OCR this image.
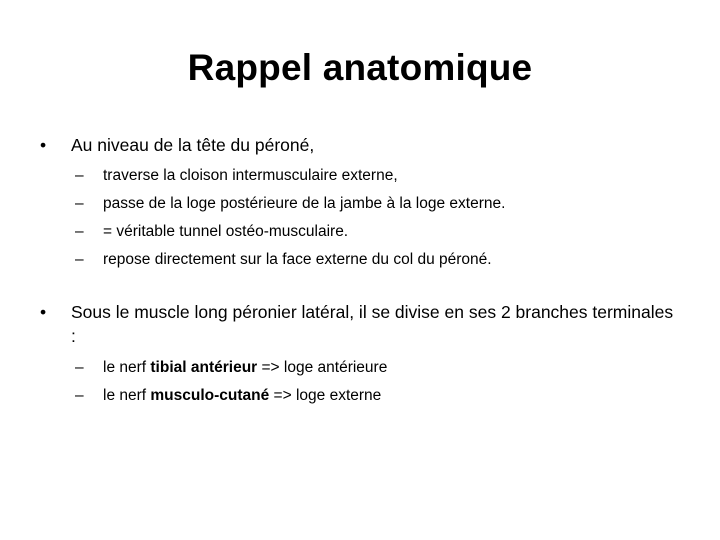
Rappel anatomique
•	Au niveau de la tête du péroné,
–	traverse la cloison intermusculaire externe,
–	passe de la loge postérieure de la jambe à la loge externe.
–	= véritable tunnel ostéo-musculaire.
–	repose directement sur la face externe du col du péroné.
•	Sous le muscle long péronier latéral, il se divise en ses 2 branches terminales :
–	le nerf tibial antérieur => loge antérieure
–	le nerf musculo-cutané => loge externe
